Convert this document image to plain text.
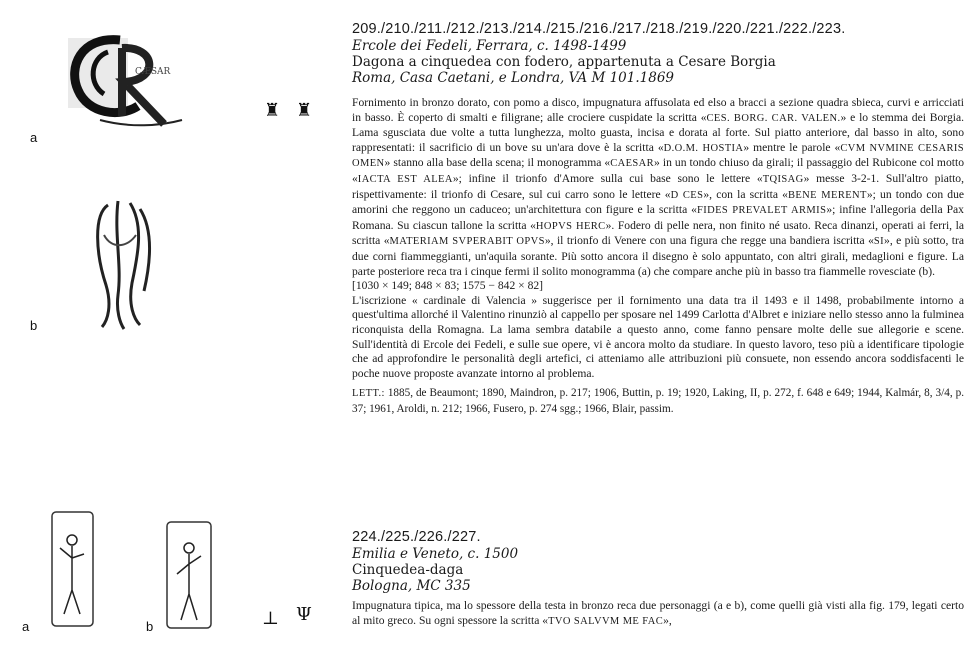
CÆSAR
♜ ♜
a
b
⊥ Ψ
a	b
209./210./211./212./213./214./215./216./217./218./219./220./221./222./223.
Ercole dei Fedeli, Ferrara, c. 1498-1499
Dagona a cinquedea con fodero, appartenuta a Cesare Borgia
Roma, Casa Caetani, e Londra, VA M 101.1869
Fornimento in bronzo dorato, con pomo a disco, impugnatura affusolata ed elso a bracci a sezione quadra sbieca, curvi e arricciati in basso. È coperto di smalti e filigrane; alle crociere cuspidate la scritta «CES. BORG. CAR. VALEN.» e lo stemma dei Borgia. Lama sgusciata due volte a tutta lunghezza, molto guasta, incisa e dorata al forte. Sul piatto anteriore, dal basso in alto, sono rappresentati: il sacrificio di un bove su un'ara dove è la scritta «D.O.M. HOSTIA» mentre le parole «CVM NVMINE CESARIS OMEN» stanno alla base della scena; il monogramma «CAESAR» in un tondo chiuso da girali; il passaggio del Rubicone col motto «IACTA EST ALEA»; infine il trionfo d'Amore sulla cui base sono le lettere «TQISAG» messe 3-2-1. Sull'altro piatto, rispettivamente: il trionfo di Cesare, sul cui carro sono le lettere «D CES», con la scritta «BENE MERENT»; un tondo con due amorini che reggono un caduceo; un'architettura con figure e la scritta «FIDES PREVALET ARMIS»; infine l'allegoria della Pax Romana. Su ciascun tallone la scritta «HOPVS HERC». Fodero di pelle nera, non finito né usato. Reca dinanzi, operati ai ferri, la scritta «MATERIAM SVPERABIT OPVS», il trionfo di Venere con una figura che regge una bandiera iscritta «SI», e più sotto, tra due corni fiammeggianti, un'aquila sorante. Più sotto ancora il disegno è solo appuntato, con altri girali, medaglioni e figure. La parte posteriore reca tra i cinque fermi il solito monogramma (a) che compare anche più in basso tra fiammelle rovesciate (b).
[1030 × 149; 848 × 83; 1575 − 842 × 82]
L'iscrizione « cardinale di Valencia » suggerisce per il fornimento una data tra il 1493 e il 1498, probabilmente intorno a quest'ultima allorché il Valentino rinunziò al cappello per sposare nel 1499 Carlotta d'Albret e iniziare nello stesso anno la fulminea riconquista della Romagna. La lama sembra databile a questo anno, come fanno pensare molte delle sue allegorie e scene. Sull'identità di Ercole dei Fedeli, e sulle sue opere, vi è ancora molto da studiare. In questo lavoro, teso più a identificare tipologie che ad approfondire le personalità degli artefici, ci atteniamo alle attribuzioni più consuete, non essendo ancora soddisfacenti le poche nuove proposte avanzate intorno al problema.
LETT.: 1885, de Beaumont; 1890, Maindron, p. 217; 1906, Buttin, p. 19; 1920, Laking, II, p. 272, f. 648 e 649; 1944, Kalmár, 8, 3/4, p. 37; 1961, Aroldi, n. 212; 1966, Fusero, p. 274 sgg.; 1966, Blair, passim.
224./225./226./227.
Emilia e Veneto, c. 1500
Cinquedea-daga
Bologna, MC 335
Impugnatura tipica, ma lo spessore della testa in bronzo reca due personaggi (a e b), come quelli già visti alla fig. 179, legati certo al mito greco. Su ogni spessore la scritta «TVO SALVVM ME FAC»,
